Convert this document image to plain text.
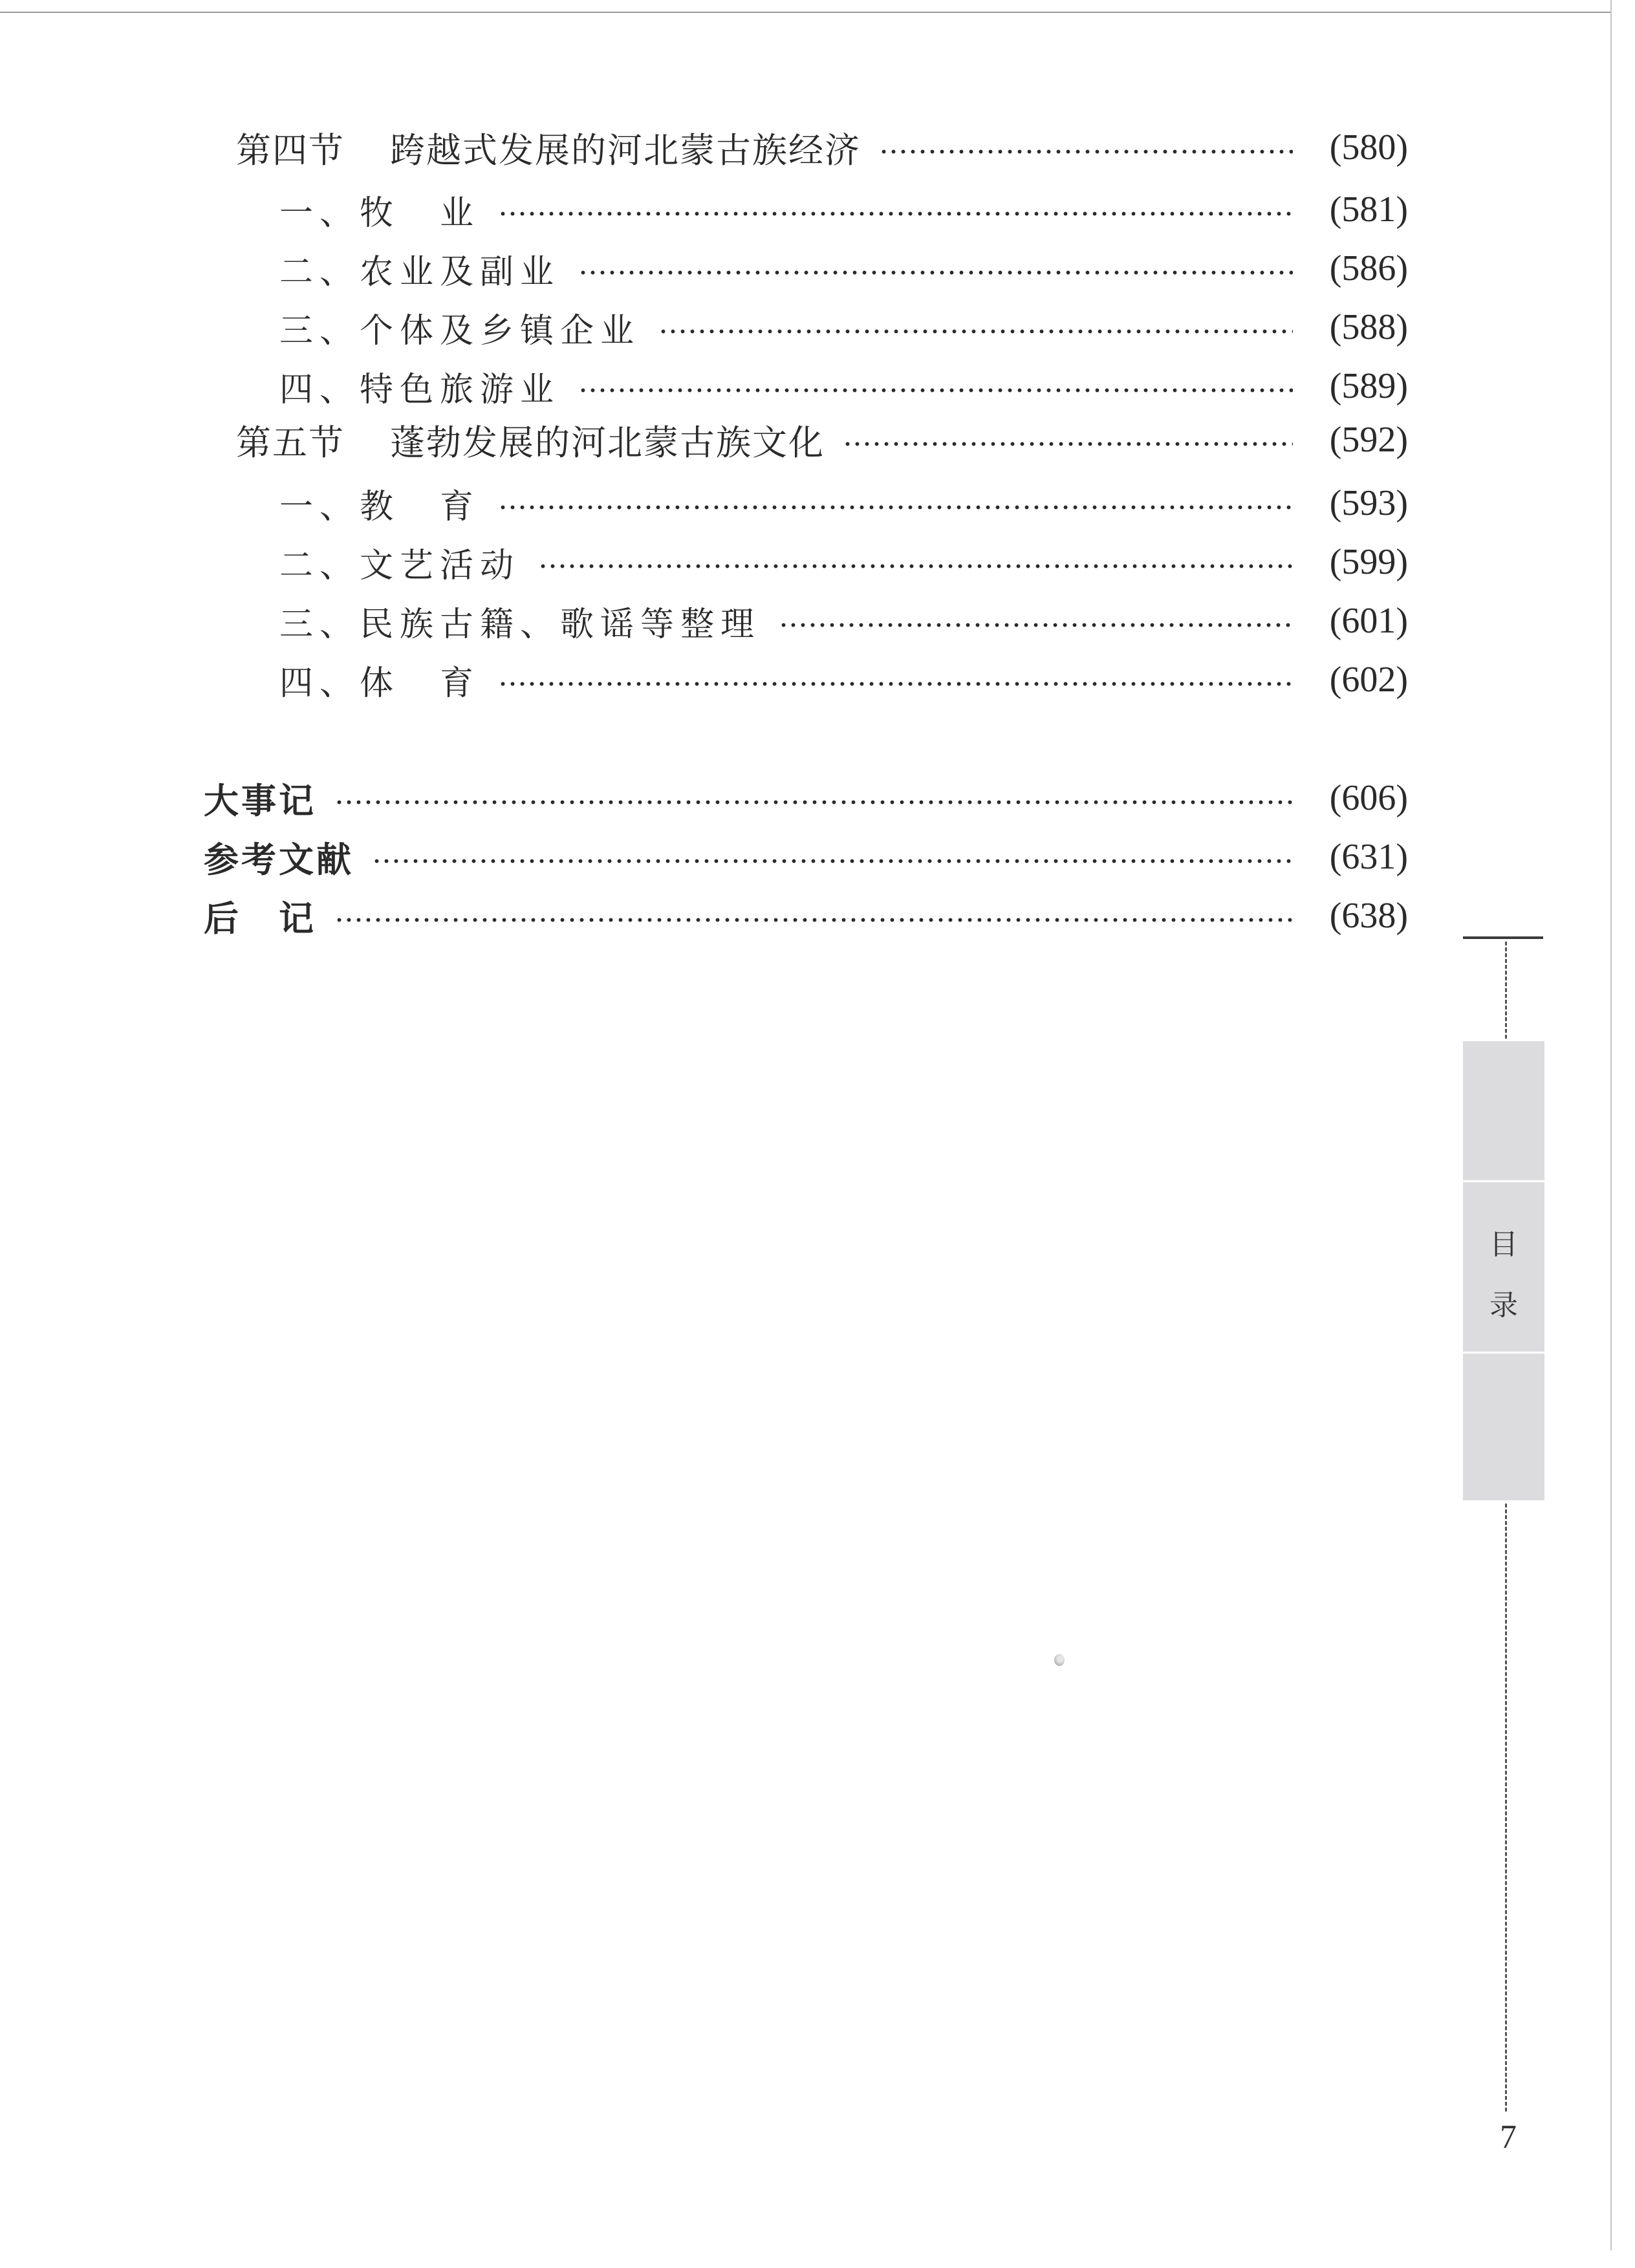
第四节 跨越式发展的河北蒙古族经济	(580)
一、牧　业	(581)
二、农业及副业	(586)
三、个体及乡镇企业	(588)
四、特色旅游业	(589)
第五节 蓬勃发展的河北蒙古族文化	(592)
一、教　育	(593)
二、文艺活动	(599)
三、民族古籍、歌谣等整理	(601)
四、体　育	(602)
大事记	(606)
参考文献	(631)
后　记	(638)
目
录
7
